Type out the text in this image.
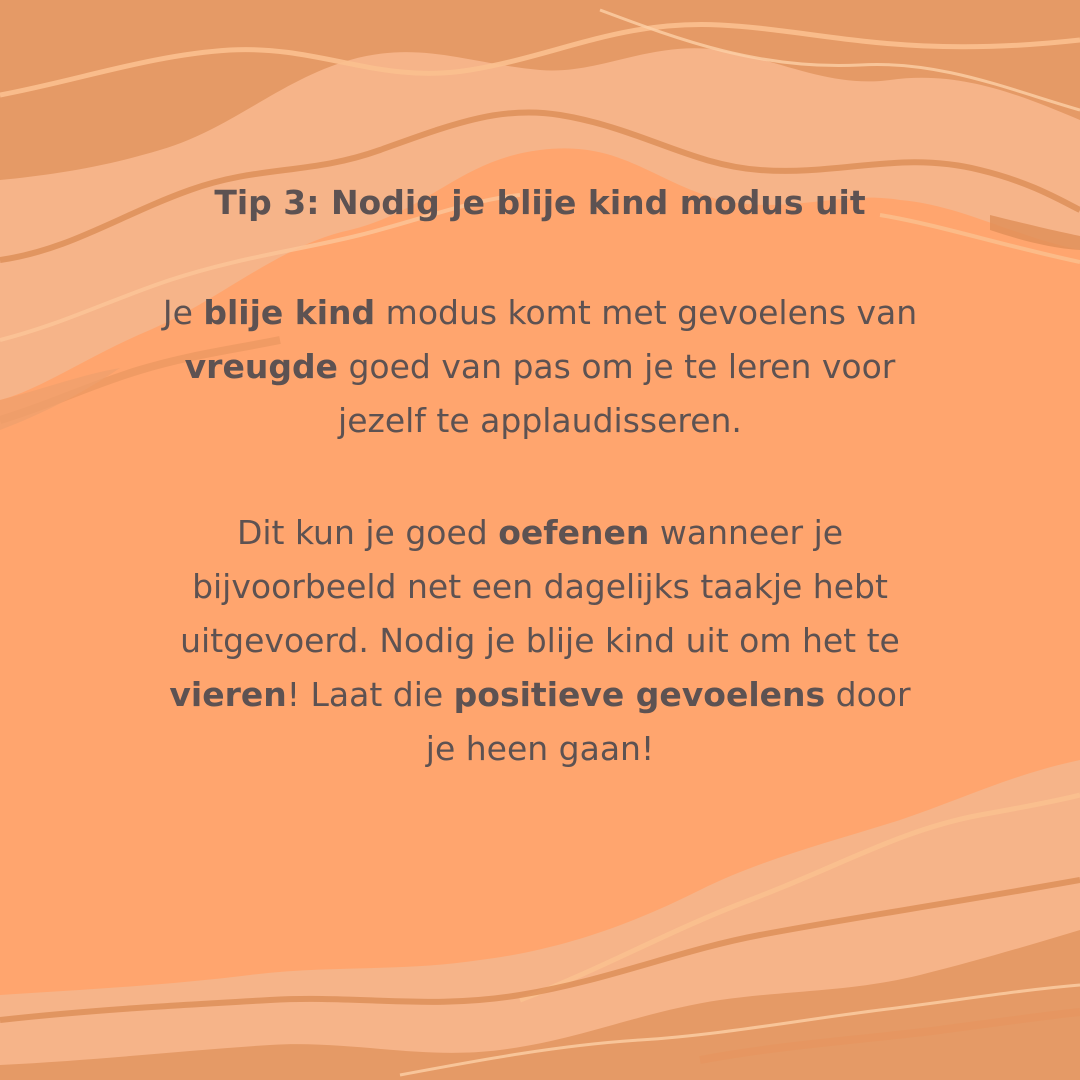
Tip 3: Nodig je blije kind modus uit

Je blije kind modus komt met gevoelens van vreugde goed van pas om je te leren voor jezelf te applaudisseren.

Dit kun je goed oefenen wanneer je bijvoorbeeld net een dagelijks taakje hebt uitgevoerd. Nodig je blije kind uit om het te vieren! Laat die positieve gevoelens door je heen gaan!
